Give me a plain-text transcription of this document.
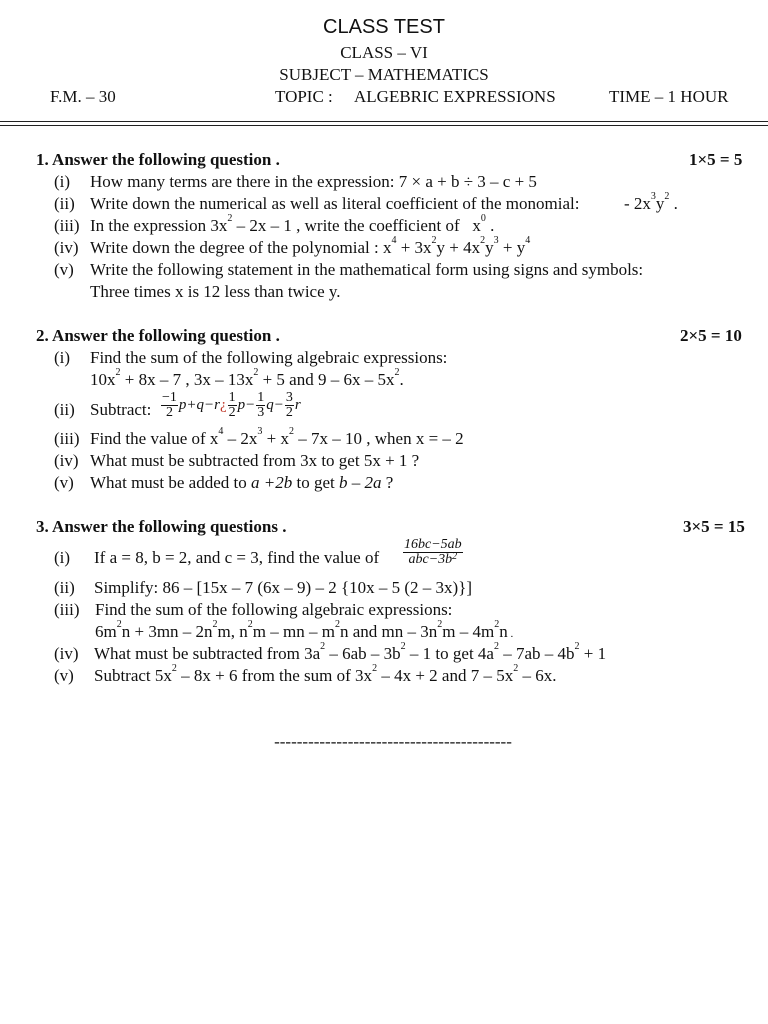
CLASS TEST
CLASS – VI
SUBJECT – MATHEMATICS
F.M. – 30	TOPIC : ALGEBRIC EXPRESSIONS	TIME – 1 HOUR
1. Answer the following question .	1×5 = 5
(i) How many terms are there in the expression: 7 × a + b ÷ 3 – c + 5
(ii) Write down the numerical as well as literal coefficient of the monomial:	- $2x^3y^2$ .
(iii) In the expression $3x^2 - 2x - 1$ , write the coefficient of $x^0$ .
(iv) Write down the degree of the polynomial : $x^4 + 3x^2y + 4x^2y^3 + y^4$
(v) Write the following statement in the mathematical form using signs and symbols:
Three times x is 12 less than twice y.
2. Answer the following question .	2×5 = 10
(i) Find the sum of the following algebraic expressions:
$10x^2 + 8x - 7$ , $3x - 13x^2 + 5$ and $9 - 6x - 5x^2$.
(ii) Subtract: $\frac{-1}{2}$ p+q−r¿ $\frac{1}{2} p- \frac{1}{3} q- \frac{3}{2}$ r
(iii) Find the value of $x^4 - 2x^3 + x^2 - 7x - 10$ , when x = – 2
(iv) What must be subtracted from 3x to get 5x + 1 ?
(v) What must be added to a +2b to get b – 2a ?
3. Answer the following questions .	3×5 = 15
(i) If a = 8, b = 2, and c = 3, find the value of $\frac{16bc-5ab}{abc-3b^2}$
(ii) Simplify: 86 – [15x – 7 (6x – 9) – 2 {10x – 5 (2 – 3x)}]
(iii) Find the sum of the following algebraic expressions:
$6m^2n + 3mn - 2n^2m$, $n^2m$ – mn – $m^2n$ and mn – $3n^2m - 4m^2n$ .
(iv) What must be subtracted from $3a^2 - 6ab - 3b^2 - 1$ to get $4a^2 - 7ab - 4b^2 + 1$
(v) Subtract $5x^2 - 8x + 6$ from the sum of $3x^2 - 4x + 2$ and $7 - 5x^2 - 6x$.
------------------------------------------
